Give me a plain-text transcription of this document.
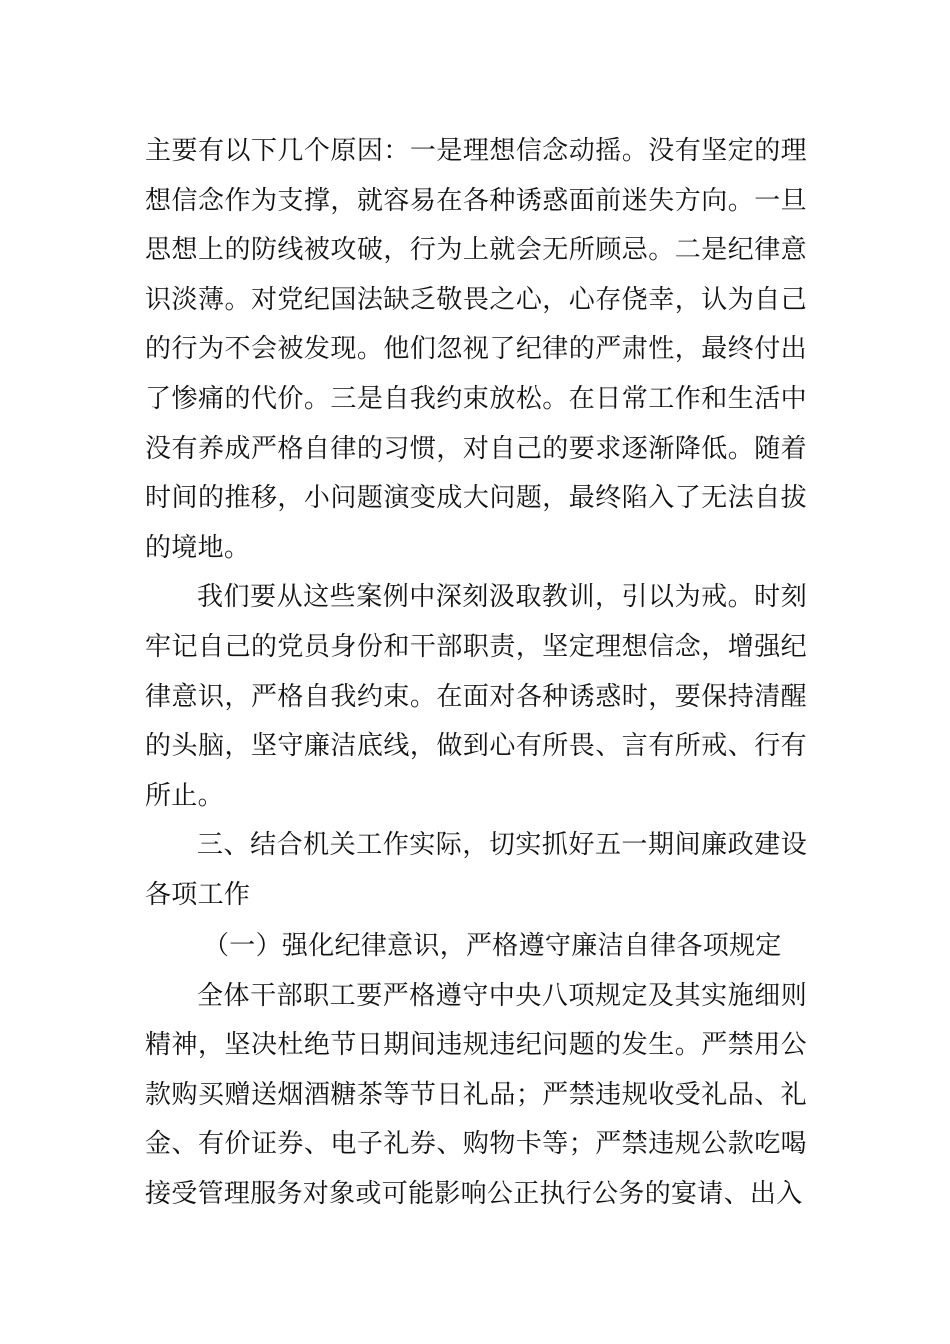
主要有以下几个原因：一是理想信念动摇。没有坚定的理想信念作为支撑，就容易在各种诱惑面前迷失方向。一旦思想上的防线被攻破，行为上就会无所顾忌。二是纪律意识淡薄。对党纪国法缺乏敬畏之心，心存侥幸，认为自己的行为不会被发现。他们忽视了纪律的严肃性，最终付出了惨痛的代价。三是自我约束放松。在日常工作和生活中没有养成严格自律的习惯，对自己的要求逐渐降低。随着时间的推移，小问题演变成大问题，最终陷入了无法自拔的境地。

我们要从这些案例中深刻汲取教训，引以为戒。时刻牢记自己的党员身份和干部职责，坚定理想信念，增强纪律意识，严格自我约束。在面对各种诱惑时，要保持清醒的头脑，坚守廉洁底线，做到心有所畏、言有所戒、行有所止。

三、结合机关工作实际，切实抓好五一期间廉政建设各项工作

（一）强化纪律意识，严格遵守廉洁自律各项规定

全体干部职工要严格遵守中央八项规定及其实施细则精神，坚决杜绝节日期间违规违纪问题的发生。严禁用公款购买赠送烟酒糖茶等节日礼品；严禁违规收受礼品、礼金、有价证券、电子礼券、购物卡等；严禁违规公款吃喝接受管理服务对象或可能影响公正执行公务的宴请、出入
